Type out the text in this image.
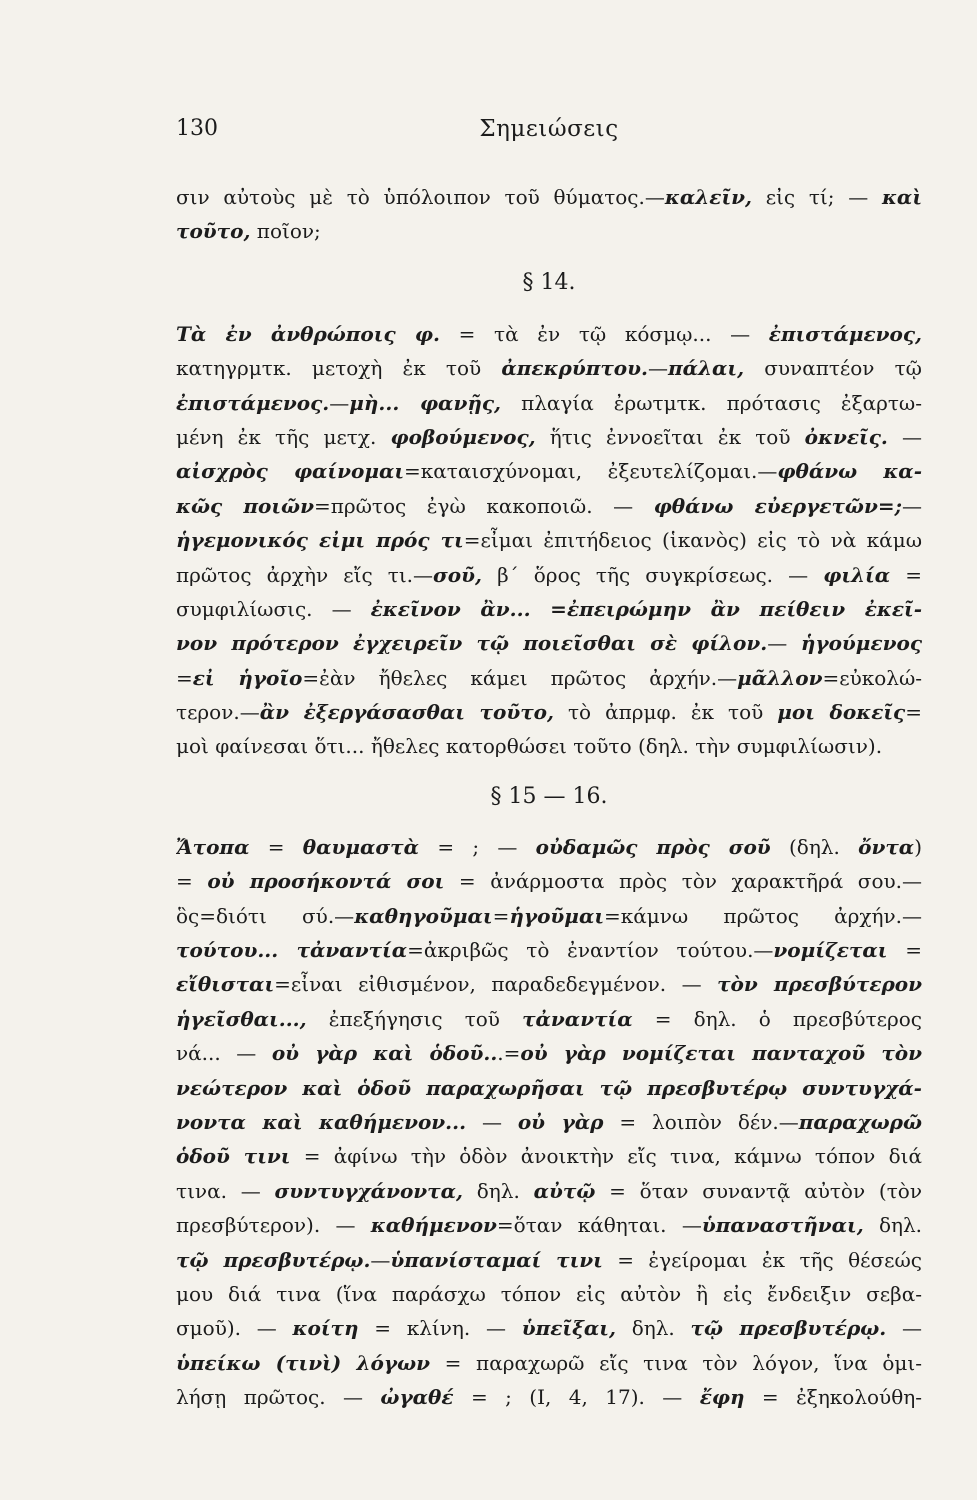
130	Σημειώσεις
σιν αὐτοὺς μὲ τὸ ὑπόλοιπον τοῦ θύματος.—καλεῖν, εἰς τί; — καὶ
τοῦτο, ποῖον;
§ 14.
Τὰ ἐν ἀνθρώποις φ. = τὰ ἐν τῷ κόσμῳ... — ἐπιστάμενος,
κατηγρμτκ. μετοχὴ ἐκ τοῦ ἀπεκρύπτου.—πάλαι, συναπτέον τῷ
ἐπιστάμενος.—μὴ... φανῇς, πλαγία ἐρωτμτκ. πρότασις ἐξαρτω-
μένη ἐκ τῆς μετχ. φοβούμενος, ἥτις ἐννοεῖται ἐκ τοῦ ὀκνεῖς. —
αἰσχρὸς φαίνομαι=καταισχύνομαι, ἐξευτελίζομαι.—φθάνω κα-
κῶς ποιῶν=πρῶτος ἐγὼ κακοποιῶ. — φθάνω εὐεργετῶν=;—
ἡγεμονικός εἰμι πρός τι=εἶμαι ἐπιτήδειος (ἱκανὸς) εἰς τὸ νὰ κάμω
πρῶτος ἀρχὴν εἴς τι.—σοῦ, β΄ ὅρος τῆς συγκρίσεως. — φιλία =
συμφιλίωσις. — ἐκεῖνον ἂν... =ἐπειρώμην ἂν πείθειν ἐκεῖ-
νον πρότερον ἐγχειρεῖν τῷ ποιεῖσθαι σὲ φίλον.— ἡγούμενος
=εἰ ἡγοῖο=ἐὰν ἤθελες κάμει πρῶτος ἀρχήν.—μᾶλλον=εὐκολώ-
τερον.—ἂν ἐξεργάσασθαι τοῦτο, τὸ ἀπρμφ. ἐκ τοῦ μοι δοκεῖς=
μοὶ φαίνεσαι ὅτι... ἤθελες κατορθώσει τοῦτο (δηλ. τὴν συμφιλίωσιν).
§ 15 — 16.
Ἄτοπα = θαυμαστὰ = ; — οὐδαμῶς πρὸς σοῦ (δηλ. ὄντα)
= οὐ προσήκοντά σοι = ἀνάρμοστα πρὸς τὸν χαρακτῆρά σου.—
ὃς=διότι σύ.—καθηγοῦμαι=ἡγοῦμαι=κάμνω πρῶτος ἀρχήν.—
τούτου... τἀναντία=ἀκριβῶς τὸ ἐναντίον τούτου.—νομίζεται =
εἴθισται=εἶναι εἰθισμένον, παραδεδεγμένον. — τὸν πρεσβύτερον
ἡγεῖσθαι..., ἐπεξήγησις τοῦ τἀναντία = δηλ. ὁ πρεσβύτερος
νά... — οὐ γὰρ καὶ ὁδοῦ...=οὐ γὰρ νομίζεται πανταχοῦ τὸν
νεώτερον καὶ ὁδοῦ παραχωρῆσαι τῷ πρεσβυτέρῳ συντυγχά-
νοντα καὶ καθήμενον... — οὐ γὰρ = λοιπὸν δέν.—παραχωρῶ
ὁδοῦ τινι = ἀφίνω τὴν ὁδὸν ἀνοικτὴν εἴς τινα, κάμνω τόπον διά
τινα. — συντυγχάνοντα, δηλ. αὐτῷ = ὅταν συναντᾷ αὐτὸν (τὸν
πρεσβύτερον). — καθήμενον=ὅταν κάθηται. —ὑπαναστῆναι, δηλ.
τῷ πρεσβυτέρῳ.—ὑπανίσταμαί τινι = ἐγείρομαι ἐκ τῆς θέσεώς
μου διά τινα (ἵνα παράσχω τόπον εἰς αὐτὸν ἢ εἰς ἔνδειξιν σεβα-
σμοῦ). — κοίτη = κλίνη. — ὑπεῖξαι, δηλ. τῷ πρεσβυτέρῳ. —
ὑπείκω (τινὶ) λόγων = παραχωρῶ εἴς τινα τὸν λόγον, ἵνα ὁμι-
λήσῃ πρῶτος. — ὠγαθέ = ; (Ι, 4, 17). — ἔφη = ἐξηκολούθη-
